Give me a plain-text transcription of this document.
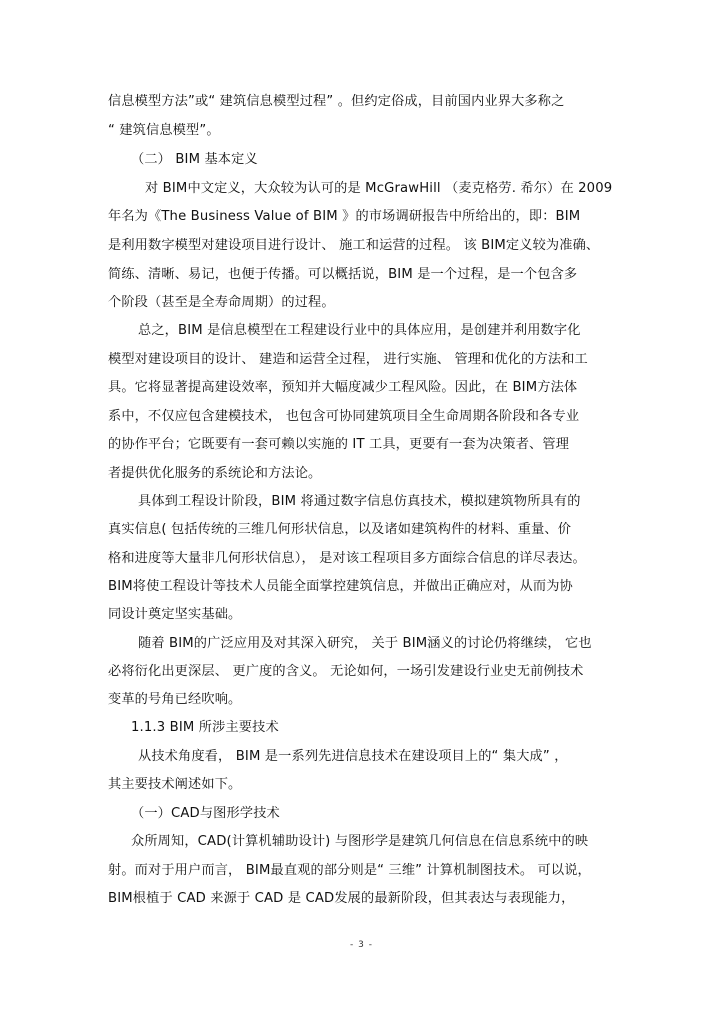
信息模型方法”或“ 建筑信息模型过程” 。但约定俗成，目前国内业界大多称之
“ 建筑信息模型”。
（二） BIM 基本定义
对 BIM中文定义，大众较为认可的是 McGrawHill （麦克格劳. 希尔）在 2009
年名为《The Business Value of BIM 》的市场调研报告中所给出的，即：BIM
是利用数字模型对建设项目进行设计、 施工和运营的过程。 该 BIM定义较为准确、
简练、清晰、易记，也便于传播。可以概括说，BIM 是一个过程，是一个包含多
个阶段（甚至是全寿命周期）的过程。
总之，BIM 是信息模型在工程建设行业中的具体应用，是创建并利用数字化
模型对建设项目的设计、 建造和运营全过程， 进行实施、 管理和优化的方法和工
具。它将显著提高建设效率，预知并大幅度减少工程风险。因此，在 BIM方法体
系中，不仅应包含建模技术， 也包含可协同建筑项目全生命周期各阶段和各专业
的协作平台；它既要有一套可赖以实施的 IT 工具，更要有一套为决策者、管理
者提供优化服务的系统论和方法论。
具体到工程设计阶段，BIM 将通过数字信息仿真技术，模拟建筑物所具有的
真实信息( 包括传统的三维几何形状信息，以及诸如建筑构件的材料、重量、价
格和进度等大量非几何形状信息）， 是对该工程项目多方面综合信息的详尽表达。
BIM将使工程设计等技术人员能全面掌控建筑信息，并做出正确应对，从而为协
同设计奠定坚实基础。
随着 BIM的广泛应用及对其深入研究， 关于 BIM涵义的讨论仍将继续， 它也
必将衍化出更深层、 更广度的含义。 无论如何，一场引发建设行业史无前例技术
变革的号角已经吹响。
1.1.3 BIM 所涉主要技术
从技术角度看， BIM 是一系列先进信息技术在建设项目上的“ 集大成” ，
其主要技术阐述如下。
（一）CAD与图形学技术
众所周知，CAD(计算机辅助设计) 与图形学是建筑几何信息在信息系统中的映
射。而对于用户而言， BIM最直观的部分则是“ 三维” 计算机制图技术。 可以说，
BIM根植于 CAD 来源于 CAD 是 CAD发展的最新阶段，但其表达与表现能力，
- 3 -
